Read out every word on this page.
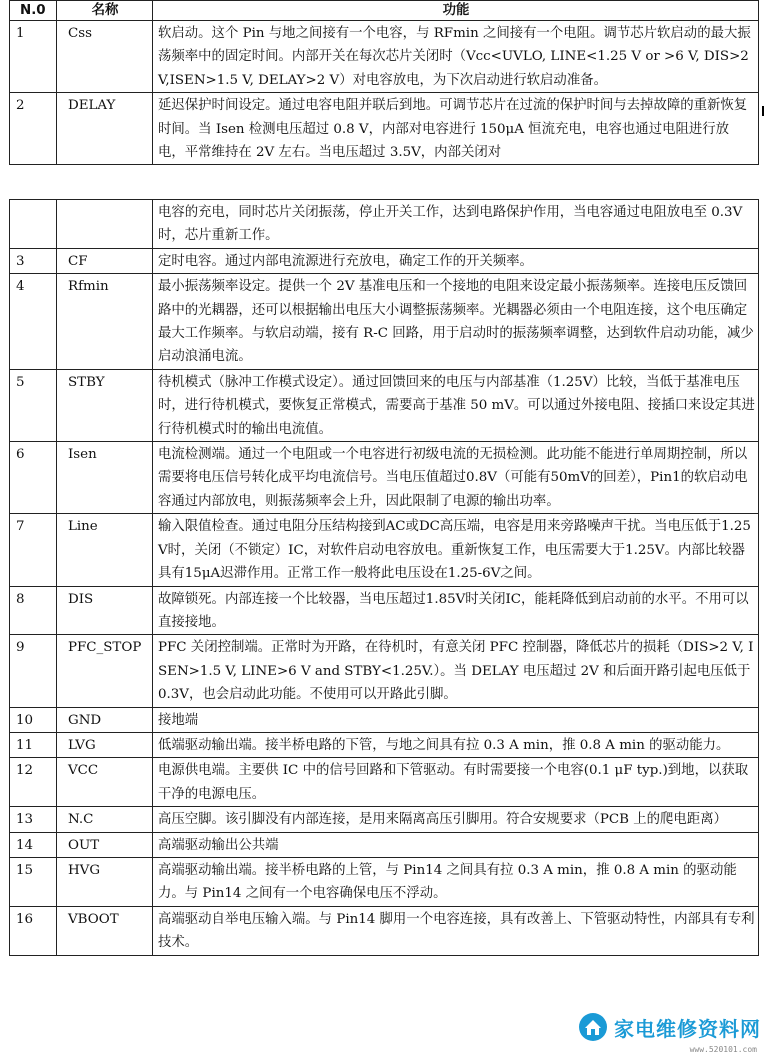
N.0	名称	功能
1	Css	软启动。这个 Pin 与地之间接有一个电容，与 RFmin 之间接有一个电阻。调节芯片软启动的最大振荡频率中的固定时间。内部开关在每次芯片关闭时（Vcc<UVLO, LINE<1.25 V or >6 V, DIS>2 V,ISEN>1.5 V, DELAY>2 V）对电容放电，为下次启动进行软启动准备。
2	DELAY	延迟保护时间设定。通过电容电阻并联后到地。可调节芯片在过流的保护时间与去掉故障的重新恢复时间。当 Isen 检测电压超过 0.8 V，内部对电容进行 150μA 恒流充电，电容也通过电阻进行放电，平常维持在 2V 左右。当电压超过 3.5V，内部关闭对
		电容的充电，同时芯片关闭振荡，停止开关工作，达到电路保护作用，当电容通过电阻放电至 0.3V 时，芯片重新工作。
3	CF	定时电容。通过内部电流源进行充放电，确定工作的开关频率。
4	Rfmin	最小振荡频率设定。提供一个 2V 基准电压和一个接地的电阻来设定最小振荡频率。连接电压反馈回路中的光耦器，还可以根据输出电压大小调整振荡频率。光耦器必须由一个电阻连接，这个电压确定最大工作频率。与软启动端，接有 R-C 回路，用于启动时的振荡频率调整，达到软件启动功能，减少启动浪涌电流。
5	STBY	待机模式（脉冲工作模式设定）。通过回馈回来的电压与内部基准（1.25V）比较，当低于基准电压时，进行待机模式，要恢复正常模式，需要高于基准 50 mV。可以通过外接电阻、接插口来设定其进行待机模式时的输出电流值。
6	Isen	电流检测端。通过一个电阻或一个电容进行初级电流的无损检测。此功能不能进行单周期控制，所以需要将电压信号转化成平均电流信号。当电压值超过0.8V（可能有50mV的回差），Pin1的软启动电容通过内部放电，则振荡频率会上升，因此限制了电源的输出功率。
7	Line	输入限值检查。通过电阻分压结构接到AC或DC高压端，电容是用来旁路噪声干扰。当电压低于1.25V时，关闭（不锁定）IC，对软件启动电容放电。重新恢复工作，电压需要大于1.25V。内部比较器具有15μA迟滞作用。正常工作一般将此电压设在1.25-6V之间。
8	DIS	故障锁死。内部连接一个比较器，当电压超过1.85V时关闭IC，能耗降低到启动前的水平。不用可以直接接地。
9	PFC_STOP	PFC 关闭控制端。正常时为开路，在待机时，有意关闭 PFC 控制器，降低芯片的损耗（DIS>2 V, ISEN>1.5 V, LINE>6 V and STBY<1.25V.）。当 DELAY 电压超过 2V 和后面开路引起电压低于 0.3V，也会启动此功能。不使用可以开路此引脚。
10	GND	接地端
11	LVG	低端驱动输出端。接半桥电路的下管，与地之间具有拉 0.3 A min，推 0.8 A min 的驱动能力。
12	VCC	电源供电端。主要供 IC 中的信号回路和下管驱动。有时需要接一个电容(0.1 μF typ.)到地，以获取干净的电源电压。
13	N.C	高压空脚。该引脚没有内部连接，是用来隔离高压引脚用。符合安规要求（PCB 上的爬电距离）
14	OUT	高端驱动输出公共端
15	HVG	高端驱动输出端。接半桥电路的上管，与 Pin14 之间具有拉 0.3 A min，推 0.8 A min 的驱动能力。与 Pin14 之间有一个电容确保电压不浮动。
16	VBOOT	高端驱动自举电压输入端。与 Pin14 脚用一个电容连接，具有改善上、下管驱动特性，内部具有专利技术。
家电维修资料网
www.520101.com
